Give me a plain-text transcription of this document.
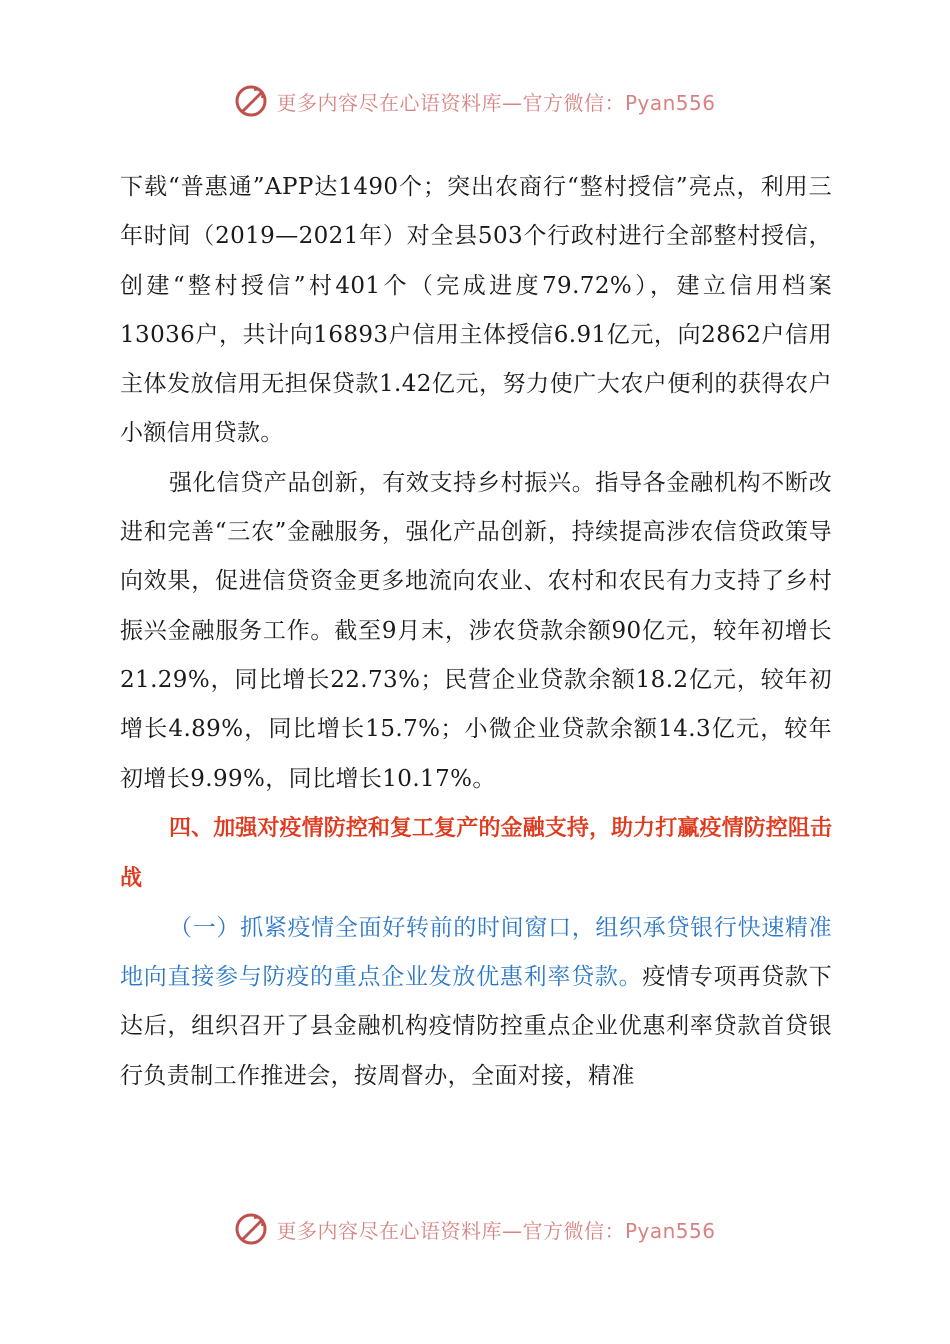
更多内容尽在心语资料库—官方微信：Pyan556

下载“普惠通”APP达1490个；突出农商行“整村授信”亮点，利用三年时间（2019—2021年）对全县503个行政村进行全部整村授信，创建“整村授信”村401个（完成进度79.72%），建立信用档案13036户，共计向16893户信用主体授信6.91亿元，向2862户信用主体发放信用无担保贷款1.42亿元，努力使广大农户便利的获得农户小额信用贷款。

强化信贷产品创新，有效支持乡村振兴。指导各金融机构不断改进和完善“三农”金融服务，强化产品创新，持续提高涉农信贷政策导向效果，促进信贷资金更多地流向农业、农村和农民有力支持了乡村振兴金融服务工作。截至9月末，涉农贷款余额90亿元，较年初增长21.29%，同比增长22.73%；民营企业贷款余额18.2亿元，较年初增长4.89%，同比增长15.7%；小微企业贷款余额14.3亿元，较年初增长9.99%，同比增长10.17%。

四、加强对疫情防控和复工复产的金融支持，助力打赢疫情防控阻击战

（一）抓紧疫情全面好转前的时间窗口，组织承贷银行快速精准地向直接参与防疫的重点企业发放优惠利率贷款。疫情专项再贷款下达后，组织召开了县金融机构疫情防控重点企业优惠利率贷款首贷银行负责制工作推进会，按周督办，全面对接，精准

更多内容尽在心语资料库—官方微信：Pyan556
